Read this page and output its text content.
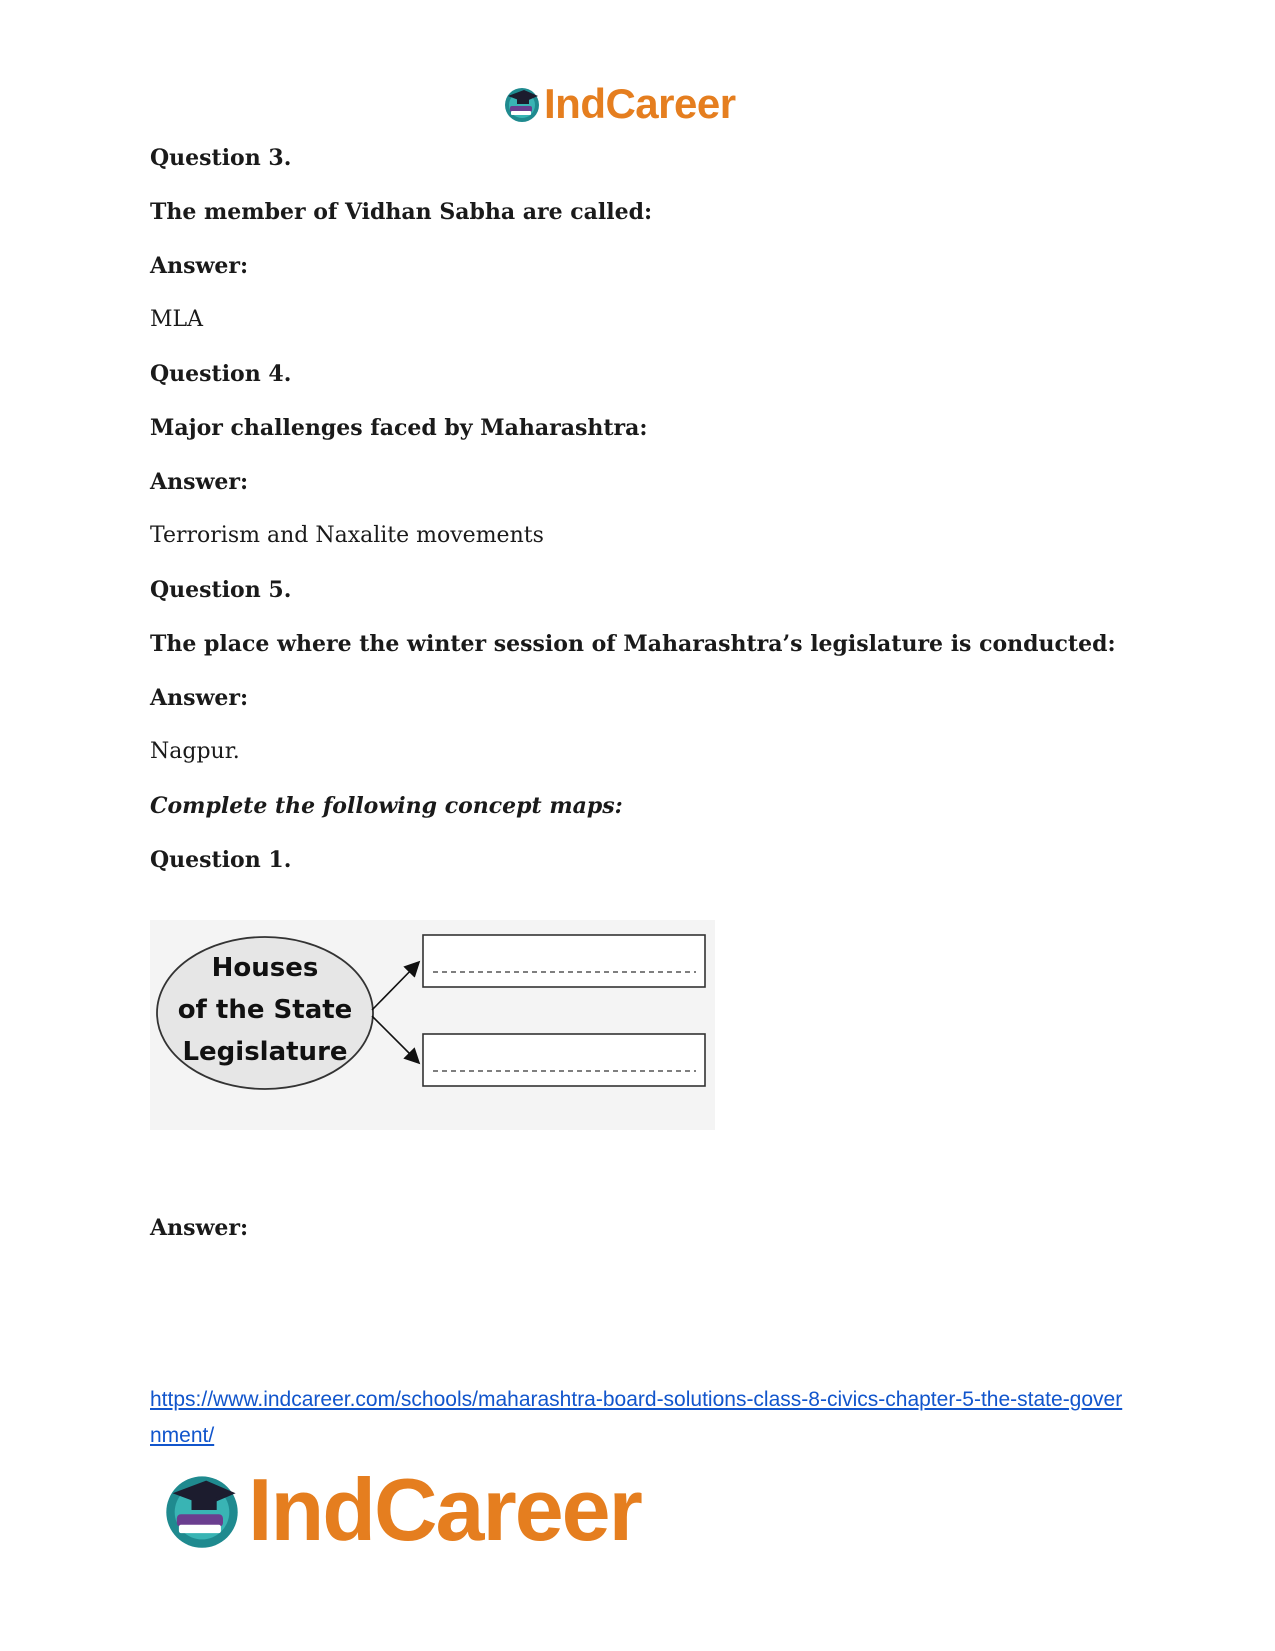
IndCareer
Question 3.
The member of Vidhan Sabha are called:
Answer:
MLA
Question 4.
Major challenges faced by Maharashtra:
Answer:
Terrorism and Naxalite movements
Question 5.
The place where the winter session of Maharashtra’s legislature is conducted:
Answer:
Nagpur.
Complete the following concept maps:
Question 1.
Houses
of the State
Legislature
Answer:
https://www.indcareer.com/schools/maharashtra-board-solutions-class-8-civics-chapter-5-the-state-government/
IndCareer
